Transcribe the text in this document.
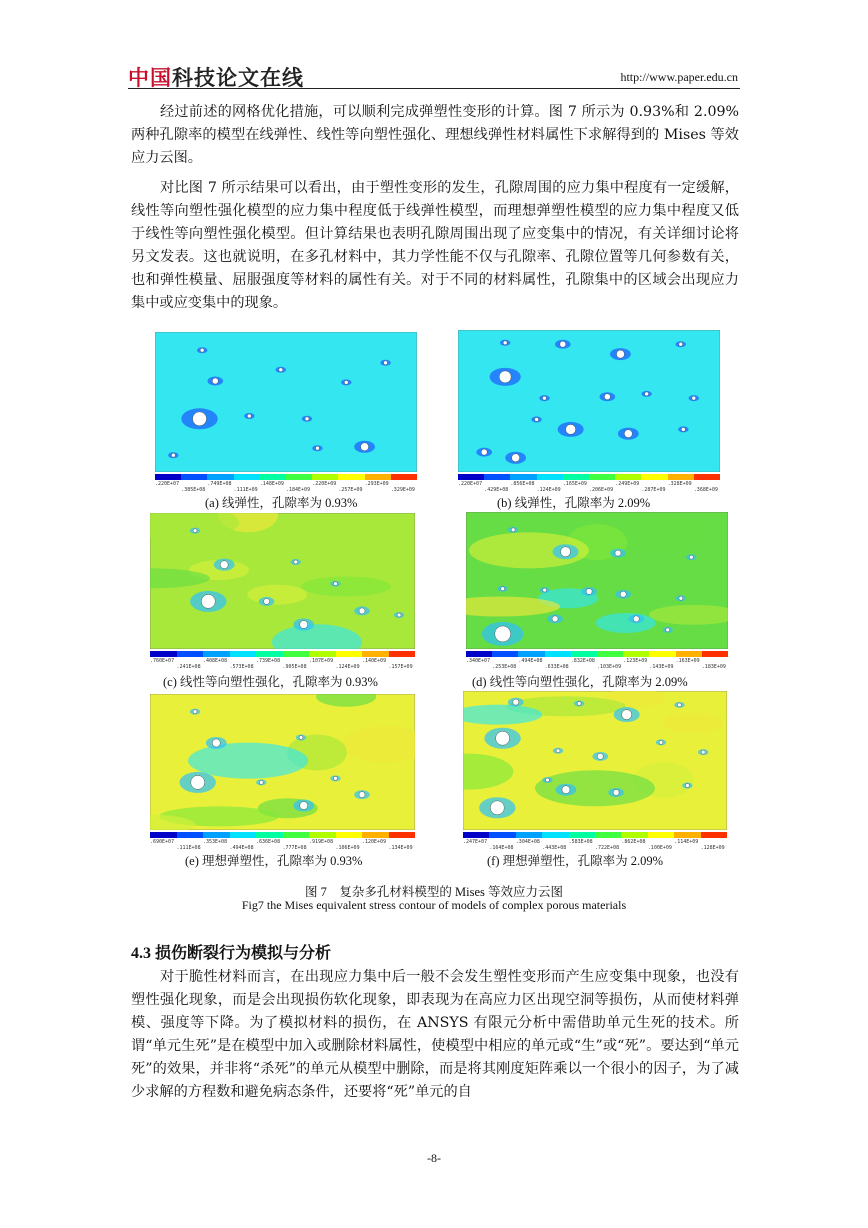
中国科技论文在线	http://www.paper.edu.cn

经过前述的网格优化措施，可以顺利完成弹塑性变形的计算。图 7 所示为 0.93%和 2.09%两种孔隙率的模型在线弹性、线性等向塑性强化、理想线弹性材料属性下求解得到的 Mises 等效应力云图。

对比图 7 所示结果可以看出，由于塑性变形的发生，孔隙周围的应力集中程度有一定缓解，线性等向塑性强化模型的应力集中程度低于线弹性模型，而理想弹塑性模型的应力集中程度又低于线性等向塑性强化模型。但计算结果也表明孔隙周围出现了应变集中的情况，有关详细讨论将另文发表。这也就说明，在多孔材料中，其力学性能不仅与孔隙率、孔隙位置等几何参数有关，也和弹性模量、屈服强度等材料的属性有关。对于不同的材料属性，孔隙集中的区域会出现应力集中或应变集中的现象。

.220E+07	.749E+08	.148E+09	.220E+09	.293E+09
.385E+08	.111E+09	.184E+09	.257E+09	.329E+09
(a) 线弹性，孔隙率为 0.93%
.220E+07	.856E+08	.165E+09	.249E+09	.328E+09
.429E+08	.124E+09	.206E+09	.287E+09	.368E+09
(b) 线弹性，孔隙率为 2.09%
.760E+07	.408E+08	.739E+08	.107E+09	.140E+09
.241E+08	.573E+08	.905E+08	.124E+09	.157E+09
(c) 线性等向塑性强化，孔隙率为 0.93%
.340E+07	.494E+08	.832E+08	.123E+09	.163E+09
.253E+08	.633E+08	.103E+09	.143E+09	.183E+09
(d) 线性等向塑性强化，孔隙率为 2.09%
.690E+07	.353E+08	.636E+08	.919E+08	.120E+09
.111E+08	.494E+08	.777E+08	.106E+09	.134E+09
(e) 理想弹塑性，孔隙率为 0.93%
.247E+07	.304E+08	.583E+08	.862E+08	.114E+09
.164E+08	.443E+08	.722E+08	.100E+09	.128E+09
(f) 理想弹塑性，孔隙率为 2.09%
图 7　复杂多孔材料模型的 Mises 等效应力云图
Fig7 the Mises equivalent stress contour of models of complex porous materials
4.3 损伤断裂行为模拟与分析

对于脆性材料而言，在出现应力集中后一般不会发生塑性变形而产生应变集中现象，也没有塑性强化现象，而是会出现损伤软化现象，即表现为在高应力区出现空洞等损伤，从而使材料弹模、强度等下降。为了模拟材料的损伤，在 ANSYS 有限元分析中需借助单元生死的技术。所谓“单元生死”是在模型中加入或删除材料属性，使模型中相应的单元或“生”或“死”。要达到“单元死”的效果，并非将“杀死”的单元从模型中删除，而是将其刚度矩阵乘以一个很小的因子，为了减少求解的方程数和避免病态条件，还要将“死”单元的自

-8-
